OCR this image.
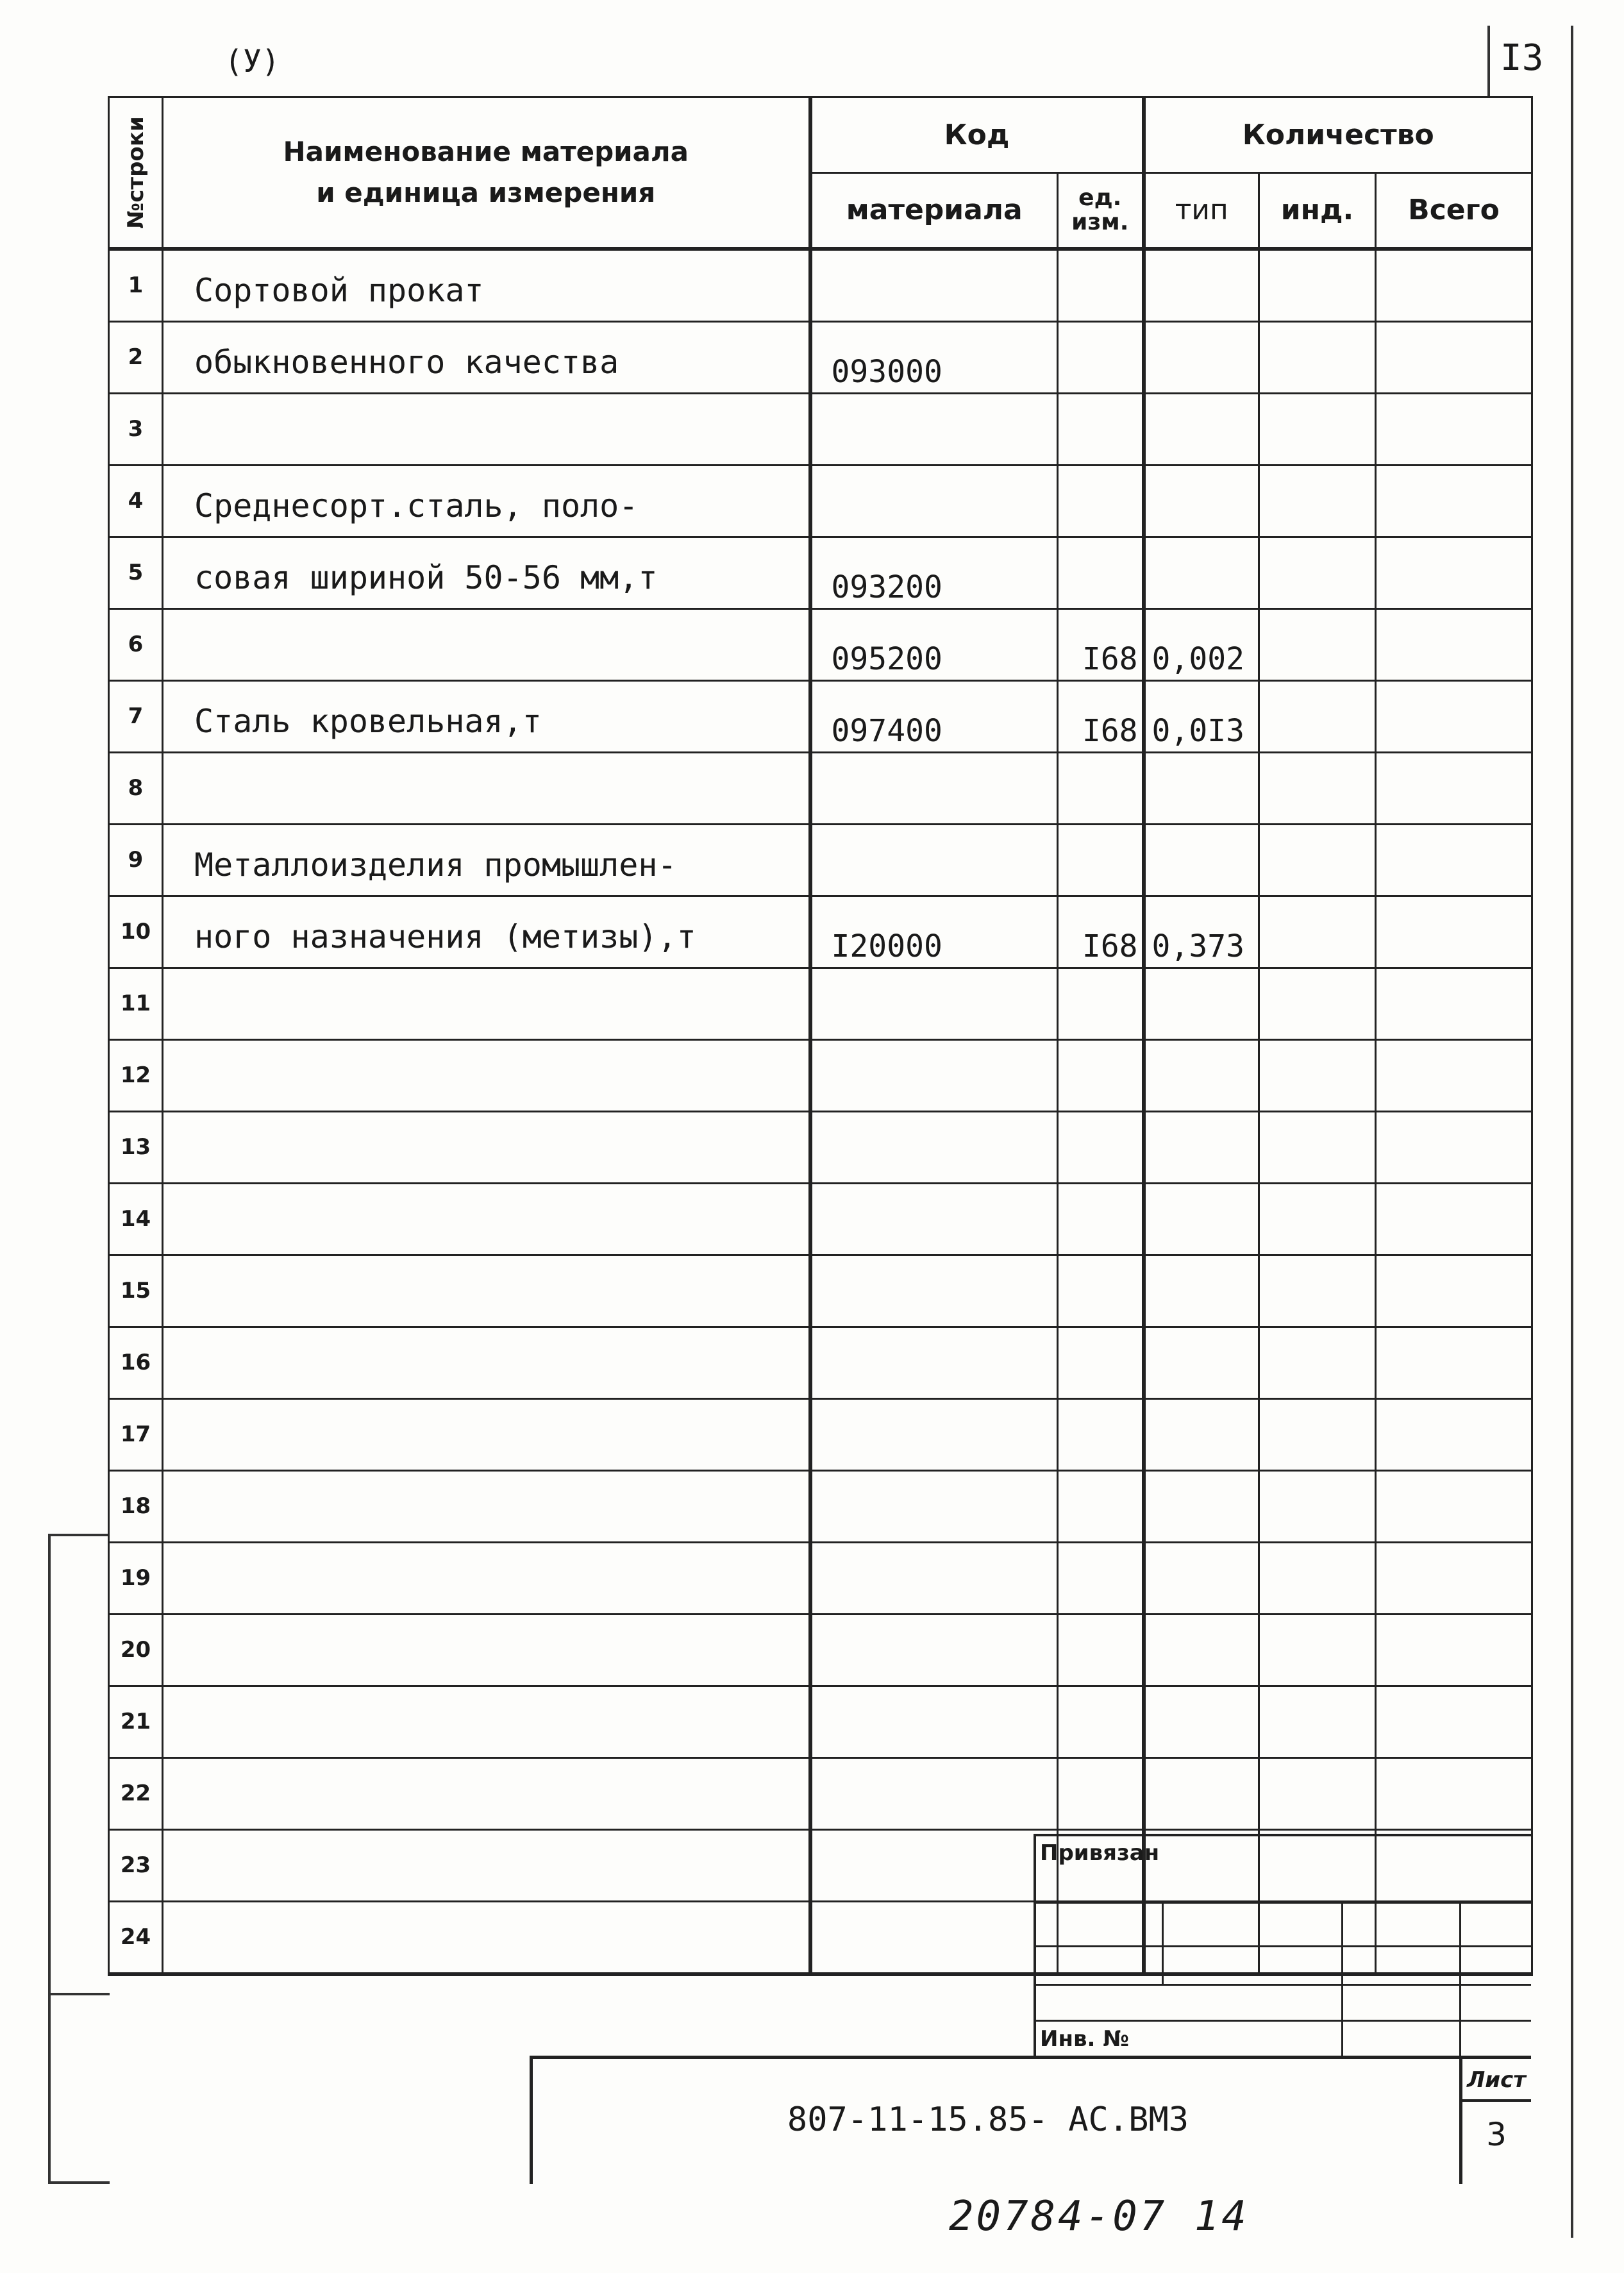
I3
(У)
№строки	Наименование материала
и единица измерения	Код		Количество		
		материала	ед.
изм.	тип	инд.	Всего
1	Сортовой прокат					
2	обыкновенного качества	093000				
3						
4	Среднесорт.сталь, поло-					
5	совая шириной 50-56 мм,т	093200				
6		095200	I68	0,002		
7	Сталь кровельная,т	097400	I68	0,0I3		
8						
9	Металлоизделия промышлен-					
10	ного назначения (метизы),т	I20000	I68	0,373		
11						
12						
13						
14						
15						
16						
17						
18						
19						
20						
21						
22						
23						
24						
Привязан
Инв. №
807-11-15.85- АС.ВМЗ
Лист
3
20784-07 14
